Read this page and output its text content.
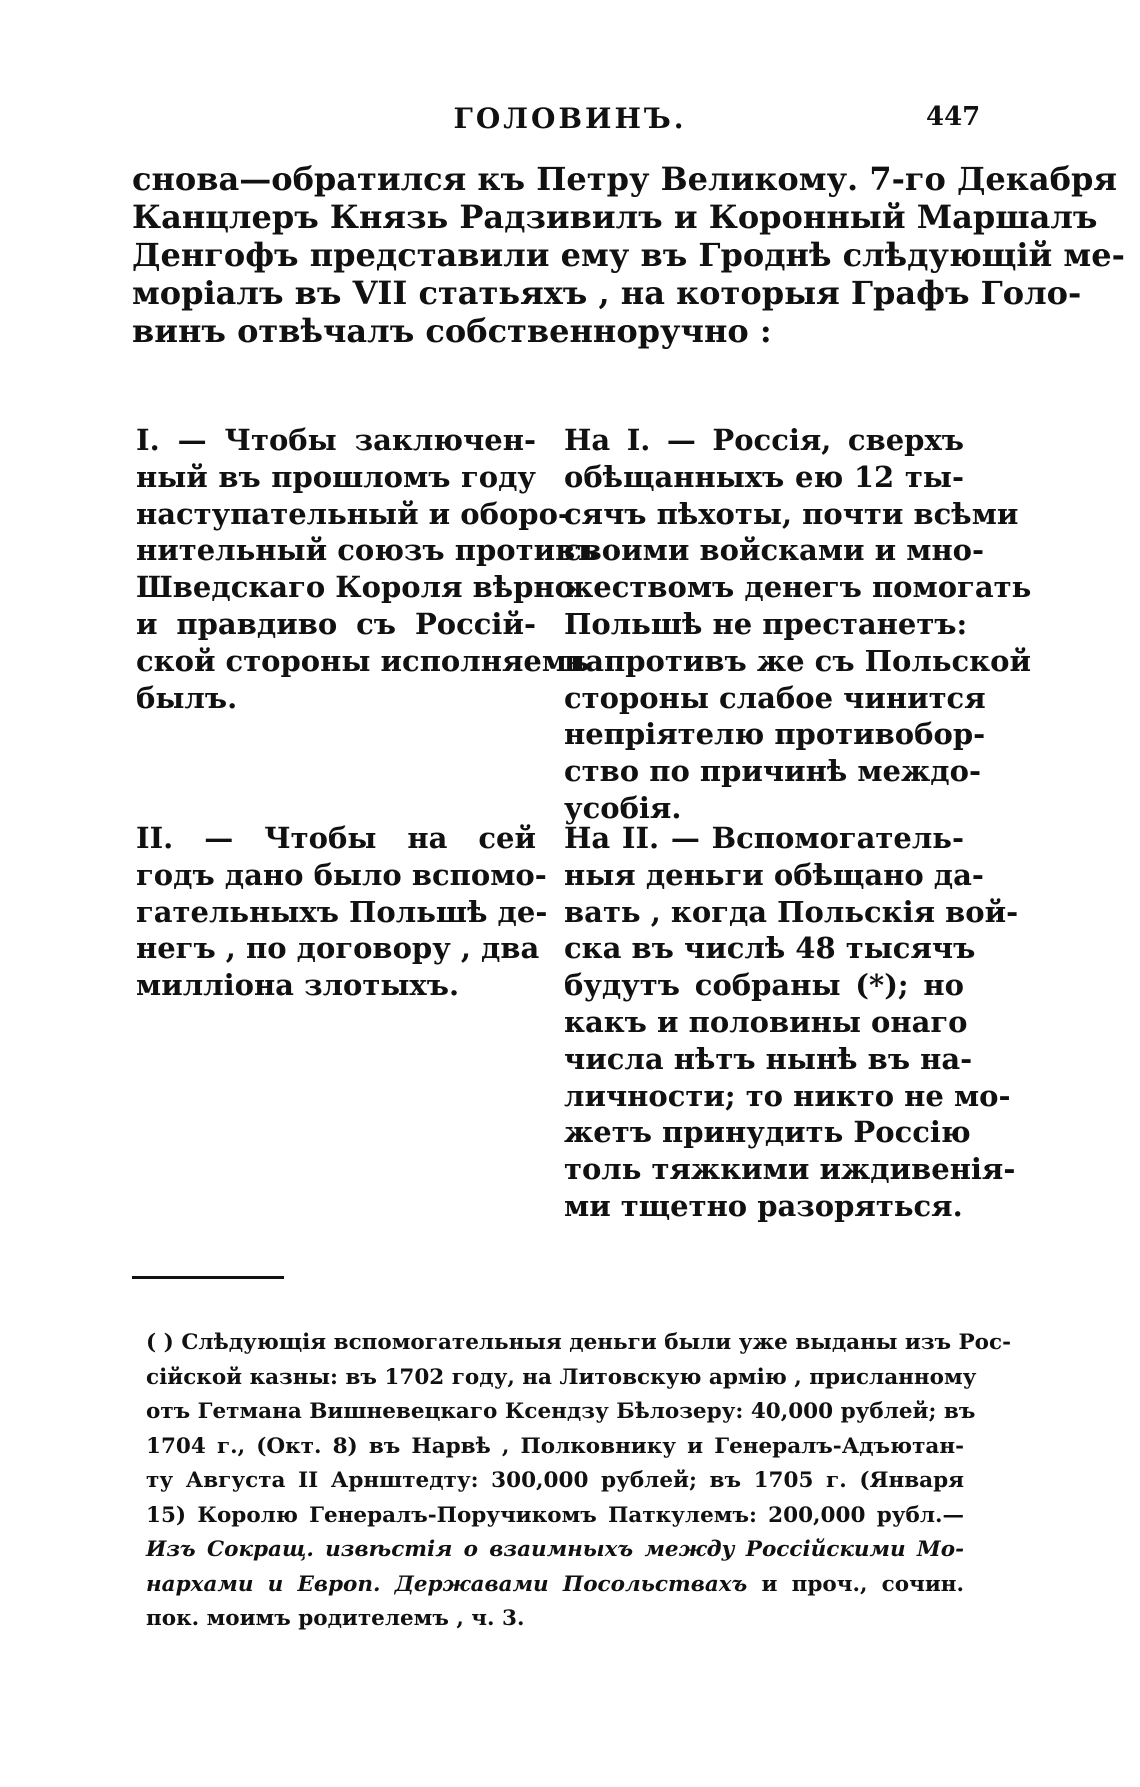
ГОЛОВИНЪ.	447
снова—обратился къ Петру Великому. 7-го Декабря
Канцлеръ Князь Радзивилъ и Коронный Маршалъ
Денгофъ представили ему въ Гроднѣ слѣдующій ме-
моріалъ въ VII статьяхъ , на которыя Графъ Голо-
винъ отвѣчалъ собственноручно :
I. — Чтобы заключен-
ный въ прошломъ году
наступательный и оборо-
нительный союзъ противъ
Шведскаго Короля вѣрно
и правдиво съ Россій-
ской стороны исполняемъ
былъ.
II. — Чтобы на сей
годъ дано было вспомо-
гательныхъ Польшѣ де-
негъ , по договору , два
милліона злотыхъ.
На I. — Россія, сверхъ
обѣщанныхъ ею 12 ты-
сячъ пѣхоты, почти всѣми
своими войсками и мно-
жествомъ денегъ помогать
Польшѣ не престанетъ:
напротивъ же съ Польской
стороны слабое чинится
непріятелю противобор-
ство по причинѣ междо-
усобія.
На II. — Вспомогатель-
ныя деньги обѣщано да-
вать , когда Польскія вой-
ска въ числѣ 48 тысячъ
будутъ собраны (*); но
какъ и половины онаго
числа нѣтъ нынѣ въ на-
личности; то никто не мо-
жетъ принудить Россію
толь тяжкими иждивенія-
ми тщетно разоряться.
( ) Слѣдующія вспомогательныя деньги были уже выданы изъ Рос-
сійской казны: въ 1702 году, на Литовскую армію , присланному
отъ Гетмана Вишневецкаго Ксендзу Бѣлозеру: 40,000 рублей; въ
1704 г., (Окт. 8) въ Нарвѣ , Полковнику и Генералъ-Адъютан-
ту Августа II Арнштедту: 300,000 рублей; въ 1705 г. (Января
15) Королю Генералъ-Поручикомъ Паткулемъ: 200,000 рубл.—
Изъ Сокращ. извѣстія о взаимныхъ между Россійскими Мо-
нархами и Европ. Державами Посольствахъ и проч., сочин.
пок. моимъ родителемъ , ч. 3.
